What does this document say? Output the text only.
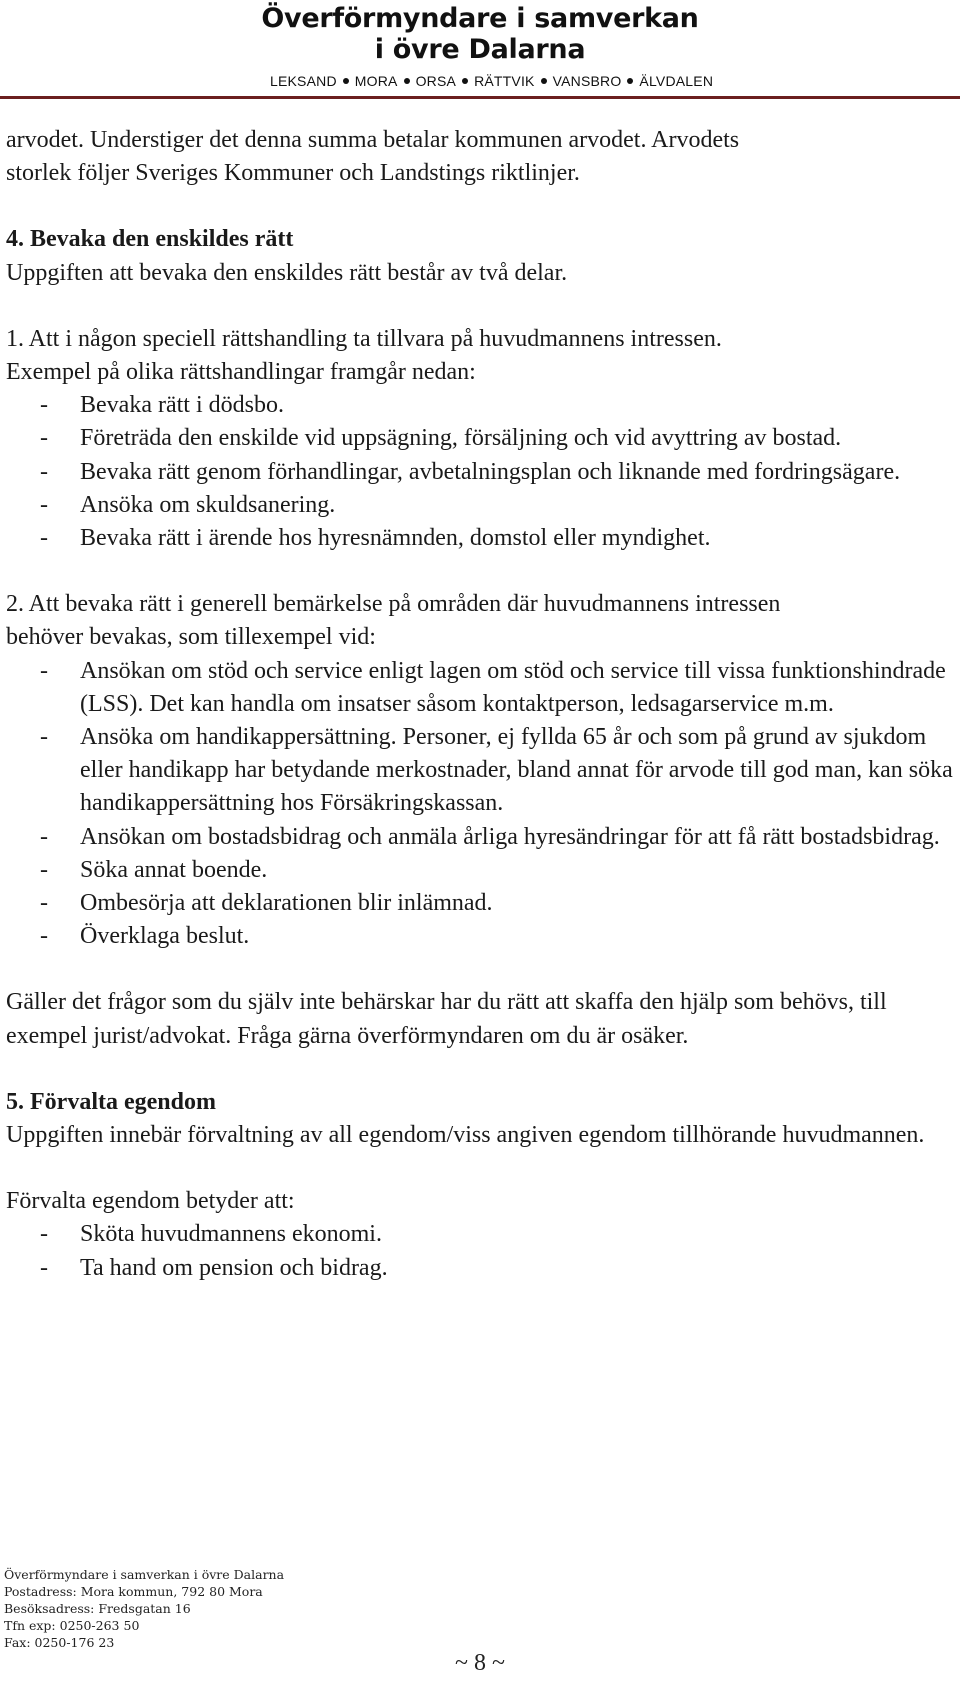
Överförmyndare i samverkan
i övre Dalarna
LEKSAND MORA ORSA RÄTTVIK VANSBRO ÄLVDALEN

arvodet. Understiger det denna summa betalar kommunen arvodet. Arvodets

storlek följer Sveriges Kommuner och Landstings riktlinjer.

4. Bevaka den enskildes rätt

Uppgiften att bevaka den enskildes rätt består av två delar.

1. Att i någon speciell rättshandling ta tillvara på huvudmannens intressen.

Exempel på olika rättshandlingar framgår nedan:

- Bevaka rätt i dödsbo.
- Företräda den enskilde vid uppsägning, försäljning och vid avyttring av bostad.
- Bevaka rätt genom förhandlingar, avbetalningsplan och liknande med fordringsägare.
- Ansöka om skuldsanering.
- Bevaka rätt i ärende hos hyresnämnden, domstol eller myndighet.

2. Att bevaka rätt i generell bemärkelse på områden där huvudmannens intressen

behöver bevakas, som tillexempel vid:

- Ansökan om stöd och service enligt lagen om stöd och service till vissa funktionshindrade (LSS). Det kan handla om insatser såsom kontaktperson, ledsagarservice m.m.
- Ansöka om handikappersättning. Personer, ej fyllda 65 år och som på grund av sjukdom eller handikapp har betydande merkostnader, bland annat för arvode till god man, kan söka handikappersättning hos Försäkringskassan.
- Ansökan om bostadsbidrag och anmäla årliga hyresändringar för att få rätt bostadsbidrag.
- Söka annat boende.
- Ombesörja att deklarationen blir inlämnad.
- Överklaga beslut.

Gäller det frågor som du själv inte behärskar har du rätt att skaffa den hjälp som behövs, till exempel jurist/advokat. Fråga gärna överförmyndaren om du är osäker.

5. Förvalta egendom

Uppgiften innebär förvaltning av all egendom/viss angiven egendom tillhörande huvudmannen.

Förvalta egendom betyder att:

- Sköta huvudmannens ekonomi.
- Ta hand om pension och bidrag.

Överförmyndare i samverkan i övre Dalarna

Postadress: Mora kommun, 792 80 Mora

Besöksadress: Fredsgatan 16

Tfn exp: 0250-263 50

Fax: 0250-176 23

~ 8 ~
